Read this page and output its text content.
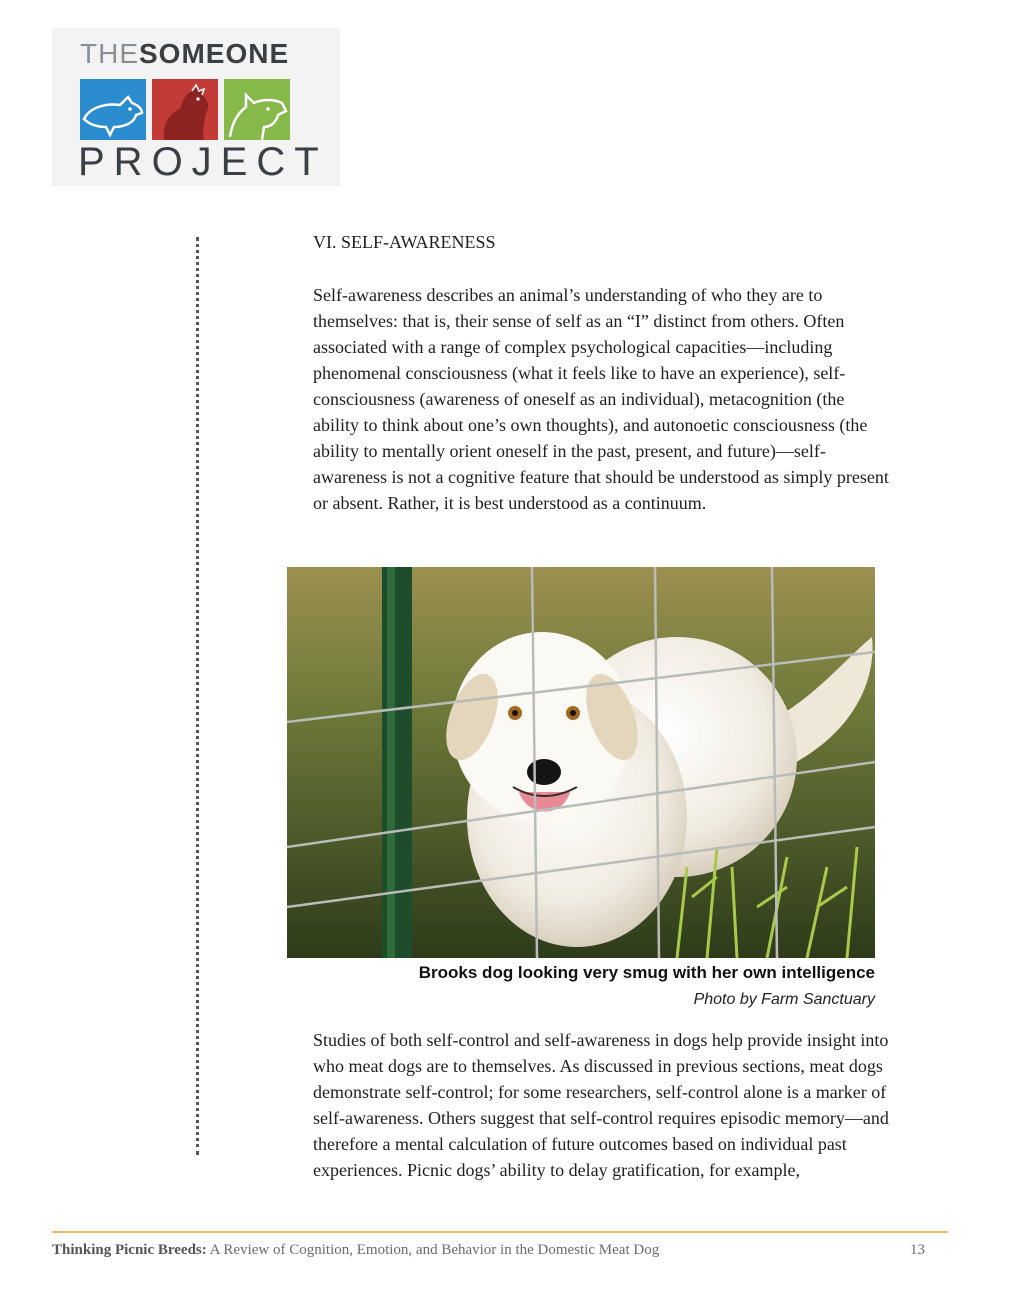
THESOMEONE
PROJECT
VI. SELF-AWARENESS
Self-awareness describes an animal’s understanding of who they are to themselves: that is, their sense of self as an “I” distinct from others. Often associated with a range of complex psychological capacities—including phenomenal consciousness (what it feels like to have an experience), self-consciousness (awareness of oneself as an individual), metacognition (the ability to think about one’s own thoughts), and autonoetic consciousness (the ability to mentally orient oneself in the past, present, and future)—self-awareness is not a cognitive feature that should be understood as simply present or absent. Rather, it is best understood as a continuum.
Brooks dog looking very smug with her own intelligence
Photo by Farm Sanctuary
Studies of both self-control and self-awareness in dogs help provide insight into who meat dogs are to themselves. As discussed in previous sections, meat dogs demonstrate self-control; for some researchers, self-control alone is a marker of self-awareness. Others suggest that self-control requires episodic memory—and therefore a mental calculation of future outcomes based on individual past experiences. Picnic dogs’ ability to delay gratification, for example,
Thinking Picnic Breeds: A Review of Cognition, Emotion, and Behavior in the Domestic Meat Dog	13
